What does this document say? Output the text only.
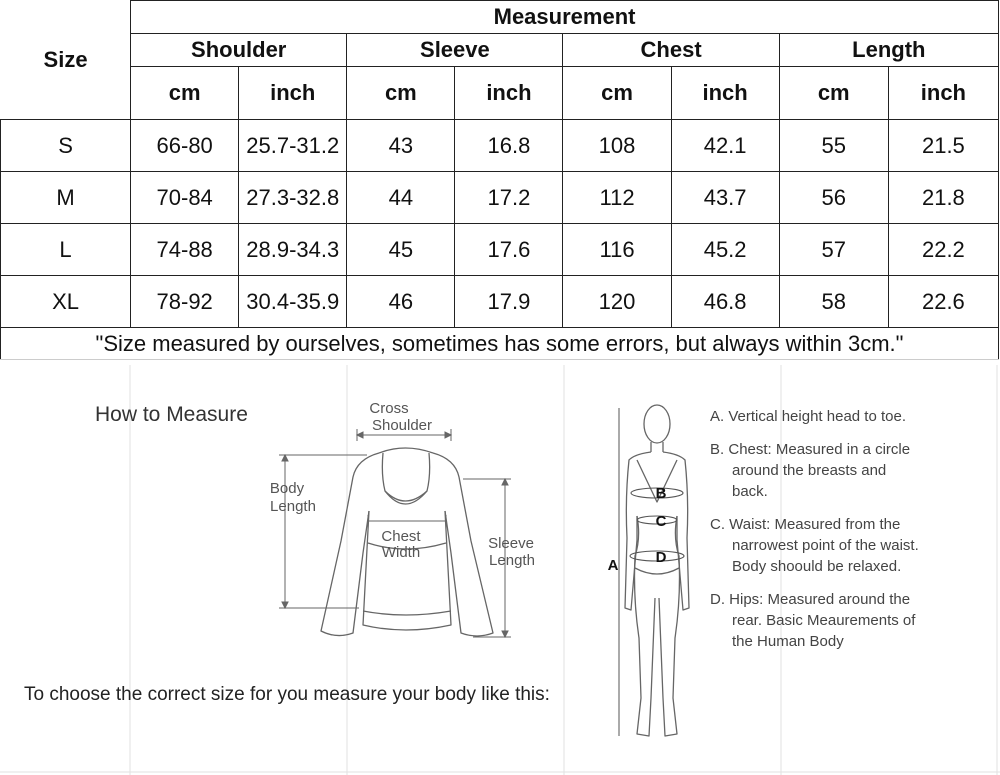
Size	Measurement							
	Shoulder		Sleeve		Chest		Length	
	cm	inch	cm	inch	cm	inch	cm	inch
S	66-80	25.7-31.2	43	16.8	108	42.1	55	21.5
M	70-84	27.3-32.8	44	17.2	112	43.7	56	21.8
L	74-88	28.9-34.3	45	17.6	116	45.2	57	22.2
XL	78-92	30.4-35.9	46	17.9	120	46.8	58	22.6
"Size measured by ourselves, sometimes has some errors, but always within 3cm."								
How to Measure	Cross
Shoulder
Body
Length
Chest
Width
Sleeve
Length
B
C
D
A
A. Vertical height head to toe.
B. Chest: Measured in a circle around the breasts and back.
C. Waist: Measured from the narrowest point of the waist. Body shoould be relaxed.
D. Hips: Measured around the rear. Basic Meaurements of the Human Body
To choose the correct size for you measure your body like this:
